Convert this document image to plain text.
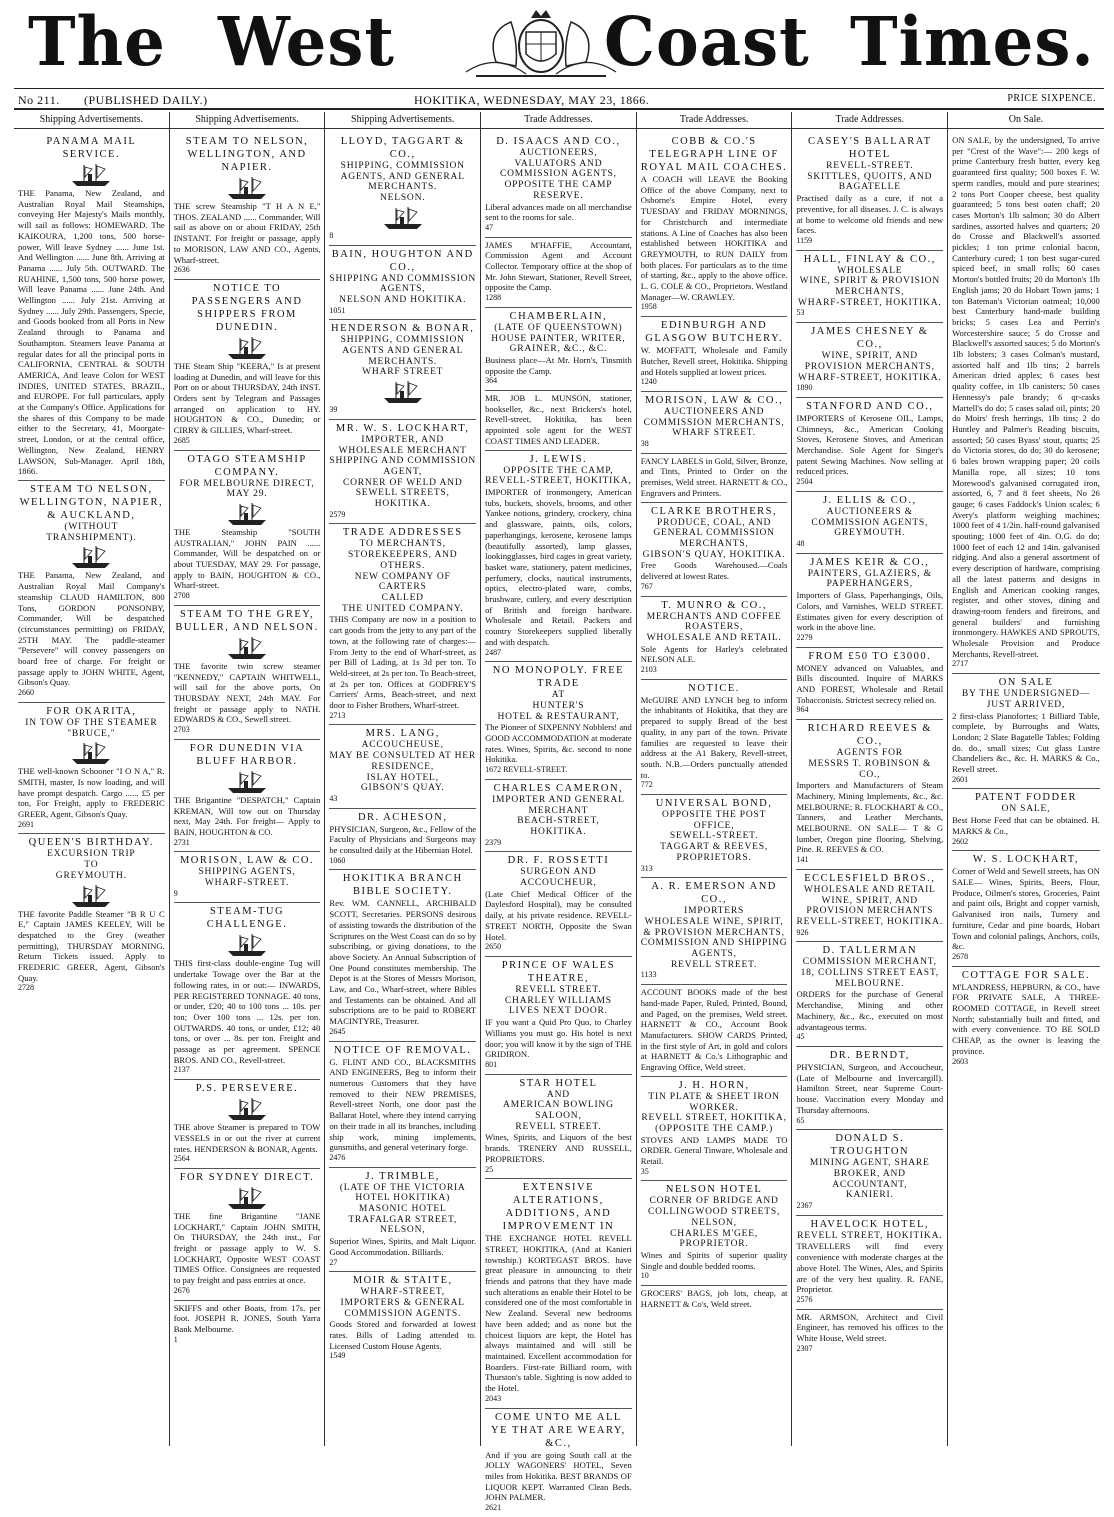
The West	Coast Times.
No 211. (PUBLISHED DAILY.)	HOKITIKA, WEDNESDAY, MAY 23, 1866.	PRICE SIXPENCE.
Shipping Advertisements.
PANAMA MAIL SERVICE.
THE Panama, New Zealand, and Australian Royal Mail Steamships, conveying Her Majesty's Mails monthly, will sail as follows: HOMEWARD. The KAIKOURA, 1,200 tons, 500 horse-power, Will leave Sydney ...... June 1st. And Wellington ...... June 8th. Arriving at Panama ...... July 5th. OUTWARD. The RUAHINE, 1,500 tons, 500 horse power, Will leave Panama ...... June 24th. And Wellington ...... July 21st. Arriving at Sydney ...... July 29th. Passengers, Specie, and Goods booked from all Ports in New Zealand through to Panama and Southampton. Steamers leave Panama at regular dates for all the principal ports in CALIFORNIA, CENTRAL & SOUTH AMERICA, And leave Colon for WEST INDIES, UNITED STATES, BRAZIL, and EUROPE. For full particulars, apply at the Company's Office. Applications for the shares of this Company to be made either to the Secretary, 41, Moorgate-street, London, or at the central office, Wellington, New Zealand, HENRY LAWSON, Sub-Manager. April 18th, 1866.
STEAM TO NELSON, WELLINGTON, NAPIER, & AUCKLAND,
(WITHOUT TRANSHIPMENT).
THE Panama, New Zealand, and Australian Royal Mail Company's steamship CLAUD HAMILTON, 800 Tons, GORDON PONSONBY, Commander, Will be despatched (circumstances permitting) on FRIDAY, 25TH MAY. The paddle-steamer "Persevere" will convey passengers on board free of charge. For freight or passage apply to JOHN WHITE, Agent, Gibson's Quay.
2660
FOR OKARITA,
IN TOW OF THE STEAMER "BRUCE,"
THE well-known Schooner "I O N A," R. SMITH, master, Is now loading, and will have prompt despatch. Cargo ...... £5 per ton, For Freight, apply to FREDERIC GREER, Agent, Gibson's Quay.
2691
QUEEN'S BIRTHDAY.
EXCURSION TRIP
TO
GREYMOUTH.
THE favorite Paddle Steamer "B R U C E," Captain JAMES KEELEY, Will be despatched to the Grey (weather permitting), THURSDAY MORNING. Return Tickets issued. Apply to FREDERIC GREER, Agent, Gibson's Quay.
2728
Shipping Advertisements.
STEAM TO NELSON, WELLINGTON, AND NAPIER.
THE screw Steamship "T H A N E," THOS. ZEALAND ...... Commander, Will sail as above on or about FRIDAY, 25th INSTANT. For freight or passage, apply to MORISON, LAW AND CO., Agents, Wharf-street.
2636
NOTICE TO PASSENGERS AND SHIPPERS FROM DUNEDIN.
THE Steam Ship "KEERA," Is at present loading at Dunedin, and will leave for this Port on or about THURSDAY, 24th INST. Orders sent by Telegram and Passages arranged on application to HY. HOUGHTON & CO., Dunedin; or CIRRY & GILLIES, Wharf-street.
2685
OTAGO STEAMSHIP COMPANY.
FOR MELBOURNE DIRECT, MAY 29.
THE Steamship "SOUTH AUSTRALIAN," JOHN PAIN ...... Commander, Will be despatched on or about TUESDAY, MAY 29. For passage, apply to BAIN, HOUGHTON & CO., Wharf-street.
2708
STEAM TO THE GREY, BULLER, AND NELSON.
THE favorite twin screw steamer "KENNEDY," CAPTAIN WHITWELL, will sail for the above ports, On THURSDAY NEXT, 24th MAY. For freight or passage apply to NATH. EDWARDS & CO., Sewell street.
2703
FOR DUNEDIN VIA BLUFF HARBOR.
THE Brigantine "DESPATCH," Captain KREMAN, Will tow out on Thursday next, May 24th. For freight— Apply to BAIN, HOUGHTON & CO.
2731
MORISON, LAW & CO.
SHIPPING AGENTS,
WHARF-STREET.
9
STEAM-TUG CHALLENGE.
THIS first-class double-engine Tug will undertake Towage over the Bar at the following rates, in or out:— INWARDS, PER REGISTERED TONNAGE. 40 tons, or under, £20; 40 to 100 tons ... 10s. per ton; Over 100 tons ... 12s. per ton. OUTWARDS. 40 tons, or under, £12; 40 tons, or over ... 8s. per ton. Freight and passage as per agreement. SPENCE BROS. AND CO., Revell-street.
2137
P.S. PERSEVERE.
THE above Steamer is prepared to TOW VESSELS in or out the river at current rates. HENDERSON & BONAR, Agents.
2564
FOR SYDNEY DIRECT.
THE fine Brigantine "JANE LOCKHART," Captain JOHN SMITH, On THURSDAY, the 24th inst., For freight or passage apply to W. S. LOCKHART, Opposite WEST COAST TIMES Office. Consignees are requested to pay freight and pass entries at once.
2676
SKIFFS and other Boats, from 17s. per foot. JOSEPH R. JONES, South Yarra Bank Melbourne.
1
Shipping Advertisements.
LLOYD, TAGGART & CO.,
SHIPPING, COMMISSION AGENTS, AND GENERAL MERCHANTS.
NELSON.
8
BAIN, HOUGHTON AND CO.,
SHIPPING AND COMMISSION AGENTS,
NELSON AND HOKITIKA.
1051
HENDERSON & BONAR,
SHIPPING, COMMISSION AGENTS AND GENERAL MERCHANTS.
WHARF STREET
39
MR. W. S. LOCKHART,
IMPORTER, AND WHOLESALE MERCHANT
SHIPPING AND COMMISSION AGENT,
CORNER OF WELD AND SEWELL STREETS,
HOKITIKA.
2579
TRADE ADDRESSES
TO MERCHANTS, STOREKEEPERS, AND OTHERS.
NEW COMPANY OF CARTERS
CALLED
THE UNITED COMPANY.
THIS Company are now in a position to cart goods from the jetty to any part of the town, at the following rate of charges:— From Jetty to the end of Wharf-street, as per Bill of Lading, at 1s 3d per ton. To Weld-street, at 2s per ton. To Beach-street, at 2s per ton. Offices at GODFREY'S Carriers' Arms, Beach-street, and next door to Fisher Brothers, Wharf-street.
2713
MRS. LANG,
ACCOUCHEUSE,
MAY BE CONSULTED AT HER RESIDENCE,
ISLAY HOTEL,
GIBSON'S QUAY.
43
DR. ACHESON,
PHYSICIAN, Surgeon, &c., Fellow of the Faculty of Physicians and Surgeons may be consulted daily at the Hibernian Hotel.
1060
HOKITIKA BRANCH BIBLE SOCIETY.
Rev. WM. CANNELL, ARCHIBALD SCOTT, Secretaries. PERSONS desirous of assisting towards the distribution of the Scriptures on the West Coast can do so by subscribing, or giving donations, to the above Society. An Annual Subscription of One Pound constitutes membership. The Depot is at the Stores of Messrs Morison, Law, and Co., Wharf-street, where Bibles and Testaments can be obtained. And all subscriptions are to be paid to ROBERT MACINTYRE, Treasurer.
2645
NOTICE OF REMOVAL.
G. FLINT AND CO., BLACKSMITHS AND ENGINEERS, Beg to inform their numerous Customers that they have removed to their NEW PREMISES, Revell-street North, one door past the Ballarat Hotel, where they intend carrying on their trade in all its branches, including ship work, mining implements, gunsmiths, and general veterinary forge.
2476
J. TRIMBLE,
(LATE OF THE VICTORIA HOTEL HOKITIKA)
MASONIC HOTEL
TRAFALGAR STREET, NELSON,
Superior Wines, Spirits, and Malt Liquor. Good Accommodation. Billiards.
27
MOIR & STAITE,
WHARF-STREET,
IMPORTERS & GENERAL COMMISSION AGENTS.
Goods Stored and forwarded at lowest rates. Bills of Lading attended to. Licensed Custom House Agents.
1549
Trade Addresses.
D. ISAACS AND CO.,
AUCTIONEERS,
VALUATORS AND COMMISSION AGENTS,
OPPOSITE THE CAMP RESERVE.
Liberal advances made on all merchandise sent to the rooms for sale.
47
JAMES M'HAFFIE, Accountant, Commission Agent and Account Collector. Temporary office at the shop of Mr. John Stewart, Stationer, Revell Street, opposite the Camp.
1288
CHAMBERLAIN,
(LATE OF QUEENSTOWN)
HOUSE PAINTER, WRITER, GRAINER, &C., &C.
Business place—At Mr. Horn's, Tinsmith opposite the Camp.
364
MR. JOB L. MUNSON, stationer, bookseller, &c., next Brickers's hotel, Revell-street, Hokitika, has been appointed sole agent for the WEST COAST TIMES AND LEADER.
J. LEWIS.
OPPOSITE THE CAMP,
REVELL-STREET, HOKITIKA,
IMPORTER of ironmongery, American tubs, buckets, shovels, brooms, and other Yankee notions, grindery, crockery, china and glassware, paints, oils, colors, paperhangings, kerosene, kerosene lamps (beautifully assorted), lamp glasses, lookingglasses, bird cages in great variety, basket ware, stationery, patent medicines, perfumery, clocks, nautical instruments, optics, electro-plated ware, combs, brushware, cutlery, and every description of British and foreign hardware. Wholesale and Retail. Packers and country Storekeepers supplied liberally and with despatch.
2487
NO MONOPOLY. FREE TRADE
AT
HUNTER'S
HOTEL & RESTAURANT,
The Pioneer of SIXPENNY Nobblers! and GOOD ACCOMMODATION at moderate rates. Wines, Spirits, &c. second to none Hokitika.
1672 REVELL-STREET.
CHARLES CAMERON,
IMPORTER AND GENERAL MERCHANT
BEACH-STREET,
HOKITIKA.
2379
DR. F. ROSSETTI
SURGEON AND ACCOUCHEUR,
(Late Chief Medical Officer of the Daylesford Hospital), may be consulted daily, at his private residence. REVELL-STREET NORTH, Opposite the Swan Hotel.
2650
PRINCE OF WALES THEATRE,
REVELL STREET.
CHARLEY WILLIAMS
LIVES NEXT DOOR.
IF you want a Quid Pro Quo, to Charley Williams you must go. His hotel is next door; you will know it by the sign of THE GRIDIRON.
801
STAR HOTEL
AND
AMERICAN BOWLING SALOON,
REVELL STREET.
Wines, Spirits, and Liquors of the best brands. TRENERY AND RUSSELL, PROPRIETORS.
25
EXTENSIVE ALTERATIONS, ADDITIONS, AND IMPROVEMENT IN
THE EXCHANGE HOTEL REVELL STREET, HOKITIKA, (And at Kanieri township.) KORTEGAST BROS. have great pleasure in announcing to their friends and patrons that they have made such alterations as enable their Hotel to be considered one of the most comfortable in New Zealand. Several new bedrooms have been added; and as none but the choicest liquors are kept, the Hotel has always maintained and will still be maintained. Excellent accommodation for Boarders. First-rate Billiard room, with Thurston's table. Sighting is now added to the Hotel.
2043
COME UNTO ME ALL YE THAT ARE WEARY, &C.,
And if you are going South call at the JOLLY WAGONERS' HOTEL, Seven miles from Hokitika. BEST BRANDS OF LIQUOR KEPT. Warranted Clean Beds. JOHN PALMER.
2621
Trade Addresses.
COBB & CO.'S TELEGRAPH LINE OF ROYAL MAIL COACHES.
A COACH will LEAVE the Booking Office of the above Company, next to Osborne's Empire Hotel, every TUESDAY and FRIDAY MORNINGS, for Christchurch and intermediate stations. A Line of Coaches has also been established between HOKITIKA and GREYMOUTH, to RUN DAILY from both places. For particulars as to the time of starting, &c., apply to the above office. L. G. COLE & CO., Proprietors. Westland Manager—W. CRAWLEY.
1958
EDINBURGH AND GLASGOW BUTCHERY.
W. MOFFATT, Wholesale and Family Butcher, Revell street, Hokitika. Shipping and Hotels supplied at lowest prices.
1240
MORISON, LAW & CO.,
AUCTIONEERS AND COMMISSION MERCHANTS,
WHARF STREET.
38
FANCY LABELS in Gold, Silver, Bronze, and Tints, Printed to Order on the premises, Weld street. HARNETT & CO., Engravers and Printers.
CLARKE BROTHERS,
PRODUCE, COAL, AND GENERAL COMMISSION MERCHANTS,
GIBSON'S QUAY, HOKITIKA.
Free Goods Warehoused.—Coals delivered at lowest Rates.
767
T. MUNRO & CO.,
MERCHANTS AND COFFEE ROASTERS,
WHOLESALE AND RETAIL.
Sole Agents for Harley's celebrated NELSON ALE.
2103
NOTICE.
McGUIRE AND LYNCH beg to inform the inhabitants of Hokitika, that they are prepared to supply Bread of the best quality, in any part of the town. Private families are requested to leave their address at the A1 Bakery, Revell-street, south. N.B.—Orders punctually attended to.
772
UNIVERSAL BOND,
OPPOSITE THE POST OFFICE,
SEWELL-STREET.
TAGGART & REEVES,
PROPRIETORS.
313
A. R. EMERSON AND CO.,
IMPORTERS
WHOLESALE WINE, SPIRIT, & PROVISION MERCHANTS,
COMMISSION AND SHIPPING AGENTS,
REVELL STREET.
1133
ACCOUNT BOOKS made of the best hand-made Paper, Ruled, Printed, Bound, and Paged, on the premises, Weld street. HARNETT & CO., Account Book Manufacturers. SHOW CARDS Printed, in the first style of Art, in gold and colors at HARNETT & Co.'s Lithographic and Engraving Office, Weld street.
J. H. HORN,
TIN PLATE & SHEET IRON WORKER.
REVELL STREET, HOKITIKA,
(OPPOSITE THE CAMP.)
STOVES AND LAMPS MADE TO ORDER. General Tinware, Wholesale and Retail.
35
NELSON HOTEL
CORNER OF BRIDGE AND COLLINGWOOD STREETS, NELSON,
CHARLES M'GEE, PROPRIETOR.
Wines and Spirits of superior quality Single and double bedded rooms.
10
GROCERS' BAGS, job lots, cheap, at HARNETT & Co's, Weld street.
Trade Addresses.
CASEY'S BALLARAT HOTEL
REVELL-STREET.
SKITTLES, QUOITS, AND BAGATELLE
Practised daily as a cure, if not a preventive, for all diseases. J. C. is always at home to welcome old friends and new faces.
1159
HALL, FINLAY & CO.,
WHOLESALE
WINE, SPIRIT & PROVISION MERCHANTS,
WHARF-STREET, HOKITIKA.
53
JAMES CHESNEY & CO.,
WINE, SPIRIT, AND PROVISION MERCHANTS,
WHARF-STREET, HOKITIKA.
1890
STANFORD AND CO.,
IMPORTERS of Kerosene OIL, Lamps, Chimneys, &c., American Cooking Stoves, Kerosene Stoves, and American Merchandise. Sole Agent for Singer's patent Sewing Machines. Now selling at reduced prices.
2504
J. ELLIS & CO.,
AUCTIONEERS & COMMISSION AGENTS,
GREYMOUTH.
48
JAMES KEIR & CO.,
PAINTERS, GLAZIERS, & PAPERHANGERS,
Importers of Glass, Paperhangings, Oils, Colors, and Varnishes, WELD STREET. Estimates given for every description of work in the above line.
2279
FROM £50 TO £3000.
MONEY advanced on Valuables, and Bills discounted. Inquire of MARKS AND FOREST, Wholesale and Retail Tobacconists. Strictest secrecy relied on.
964
RICHARD REEVES & CO.,
AGENTS FOR
MESSRS T. ROBINSON & CO.,
Importers and Manufacturers of Steam Machinery, Mining Implements, &c., &c. MELBOURNE; R. FLOCKHART & CO., Tanners, and Leather Merchants, MELBOURNE. ON SALE— T & G lumber, Oregon pine flooring, Shelving, Pine. R. REEVES & CO.
141
ECCLESFIELD BROS.,
WHOLESALE AND RETAIL
WINE, SPIRIT, AND PROVISION MERCHANTS
REVELL-STREET, HOKITIKA.
926
D. TALLERMAN
COMMISSION MERCHANT,
18, COLLINS STREET EAST, MELBOURNE.
ORDERS for the purchase of General Merchandise, Mining and other Machinery, &c., &c., executed on most advantageous terms.
45
DR. BERNDT,
PHYSICIAN, Surgeon, and Accoucheur, (Late of Melbourne and Invercargill). Hamilton Street, near Supreme Court-house. Vaccination every Monday and Thursday afternoons.
65
DONALD S. TROUGHTON
MINING AGENT, SHARE BROKER, AND ACCOUNTANT,
KANIERI.
2367
HAVELOCK HOTEL,
REVELL STREET, HOKITIKA.
TRAVELLERS will find every convenience with moderate charges at the above Hotel. The Wines, Ales, and Spirits are of the very best quality. R. FANE, Proprietor.
2576
MR. ARMSON, Architect and Civil Engineer, has removed his offices to the White House, Weld street.
2307
On Sale.
ON SALE, by the undersigned, To arrive per "Crest of the Wave":— 200 kegs of prime Canterbury fresh butter, every keg guaranteed first quality; 500 boxes F. W. sperm candles, mould and pure stearines; 2 tons Port Cooper cheese, best quality guaranteed; 5 tons best oaten chaff; 20 cases Morton's 1lb salmon; 30 do Albert sardines, assorted halves and quarters; 20 do Crosse and Blackwell's assorted pickles; 1 ton prime colonial bacon, Canterbury cured; 1 ton best sugar-cured spiced beef, in small rolls; 60 cases Morton's bottled fruits; 20 do Morton's 1lb English jams; 20 do Hobart Town jams; 1 ton Bateman's Victorian oatmeal; 10,000 best Canterbury hand-made building bricks; 5 cases Lea and Perrin's Worcestershire sauce; 5 do Crosse and Blackwell's assorted sauces; 5 do Morton's 1lb lobsters; 3 cases Colman's mustard, assorted half and 1lb tins; 2 barrels American dried apples; 6 cases best quality coffee, in 1lb canisters; 50 cases Hennessy's pale brandy; 6 qr-casks Martell's do do; 5 cases salad oil, pints; 20 do Moirs' fresh herrings, 1lb tins; 2 do Huntley and Palmer's Reading biscuits, assorted; 50 cases Byass' stout, quarts; 25 do Victoria stores, do do; 30 do kerosene; 6 bales brown wrapping paper; 20 coils Manilla rope, all sizes; 10 tons Morewood's galvanised corrugated iron, assorted, 6, 7 and 8 feet sheets, No 26 gauge; 6 cases Faddock's Union scales; 6 Avery's platform weighing machines; 1000 feet of 4 1/2in. half-round galvanised spouting; 1000 feet of 4in. O.G. do do; 1000 feet of each 12 and 14in. galvanised ridging. And also a general assortment of every description of hardware, comprising all the latest patterns and designs in English and American cooking ranges, register, and other stoves, dining and drawing-room fenders and fireirons, and general builders' and furnishing ironmongery. HAWKES AND SPROUTS, Wholesale Provision and Produce Merchants, Revell-street.
2717
ON SALE
BY THE UNDERSIGNED—
JUST ARRIVED,
2 first-class Pianofortes; 1 Billiard Table, complete, by Burroughs and Watts, London; 2 Slate Bagatelle Tables; Folding do. do., small sizes; Cut glass Lustre Chandeliers &c., &c. H. MARKS & Co., Revell street.
2601
PATENT FODDER
ON SALE,
Best Horse Feed that can be obtained. H. MARKS & Co.,
2602
W. S. LOCKHART,
Corner of Weld and Sewell streets, has ON SALE— Wines, Spirits, Beers, Flour, Produce, Oilmen's stores, Groceries, Paint and paint oils, Bright and copper varnish, Galvanised iron nails, Turnery and furniture, Cedar and pine boards, Hobart Town and colonial palings, Anchors, coils, &c.
2678
COTTAGE FOR SALE.
M'LANDRESS, HEPBURN, & CO., have FOR PRIVATE SALE, A THREE-ROOMED COTTAGE, in Revell street North; substantially built and fitted, and with every convenience. TO BE SOLD CHEAP, as the owner is leaving the province.
2603
